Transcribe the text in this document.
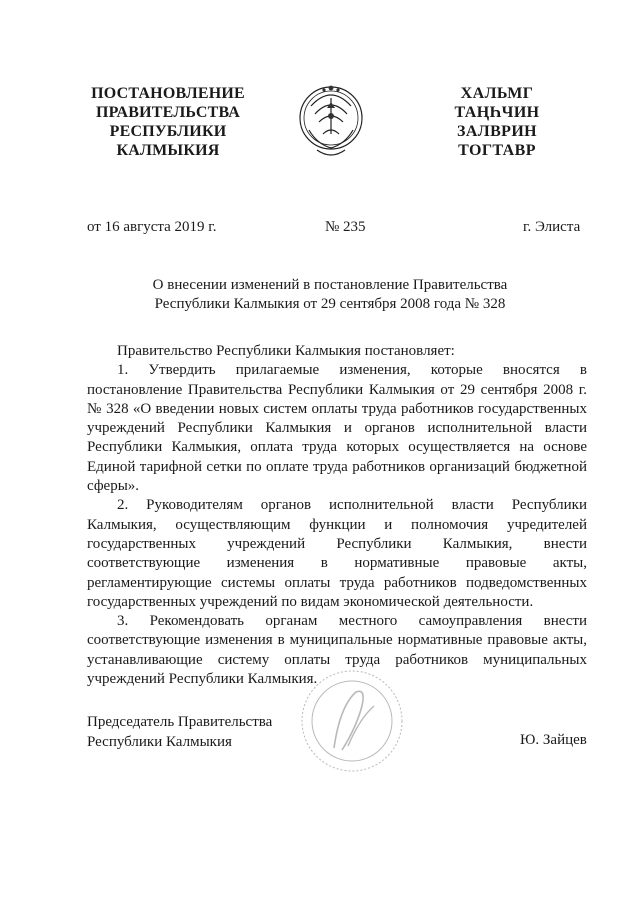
ПОСТАНОВЛЕНИЕ
ПРАВИТЕЛЬСТВА
РЕСПУБЛИКИ
КАЛМЫКИЯ
ХАЛЬМГ
ТАҢҺЧИН
ЗАЛВРИН
ТОГТАВР
от 16 августа 2019 г.	№ 235	г. Элиста
О внесении изменений в постановление Правительства
Республики Калмыкия от 29 сентября 2008 года № 328

Правительство Республики Калмыкия постановляет:

1. Утвердить прилагаемые изменения, которые вносятся в постановление Правительства Республики Калмыкия от 29 сентября 2008 г. № 328 «О введении новых систем оплаты труда работников государственных учреждений Республики Калмыкия и органов исполнительной власти Республики Калмыкия, оплата труда которых осуществляется на основе Единой тарифной сетки по оплате труда работников организаций бюджетной сферы».

2. Руководителям органов исполнительной власти Республики Калмыкия, осуществляющим функции и полномочия учредителей государственных учреждений Республики Калмыкия, внести соответствующие изменения в нормативные правовые акты, регламентирующие системы оплаты труда работников подведомственных государственных учреждений по видам экономической деятельности.

3. Рекомендовать органам местного самоуправления внести соответствующие изменения в муниципальные нормативные правовые акты, устанавливающие систему оплаты труда работников муниципальных учреждений Республики Калмыкия.

Председатель Правительства
Республики Калмыкия	Ю. Зайцев
